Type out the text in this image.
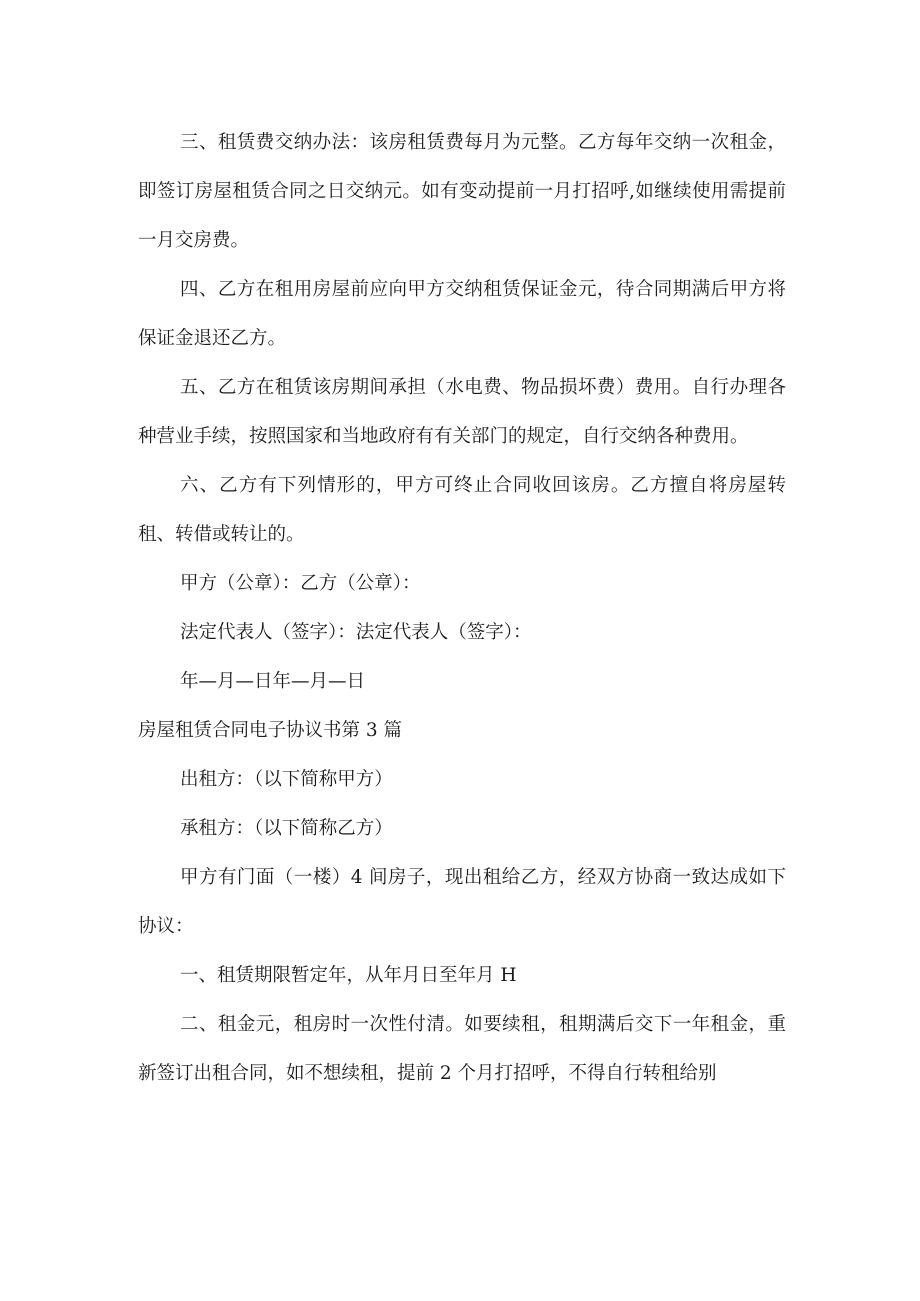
三、租赁费交纳办法：该房租赁费每月为元整。乙方每年交纳一次租金，即签订房屋租赁合同之日交纳元。如有变动提前一月打招呼,如继续使用需提前一月交房费。

四、乙方在租用房屋前应向甲方交纳租赁保证金元，待合同期满后甲方将保证金退还乙方。

五、乙方在租赁该房期间承担（水电费、物品损坏费）费用。自行办理各种营业手续，按照国家和当地政府有有关部门的规定，自行交纳各种费用。

六、乙方有下列情形的，甲方可终止合同收回该房。乙方擅自将房屋转租、转借或转让的。

甲方（公章）：乙方（公章）：

法定代表人（签字）：法定代表人（签字）：

年—月—日年—月—日

房屋租赁合同电子协议书第 3 篇

出租方：（以下简称甲方）

承租方：（以下简称乙方）

甲方有门面（一楼）4 间房子，现出租给乙方，经双方协商一致达成如下协议：

一、租赁期限暂定年，从年月日至年月 H

二、租金元，租房时一次性付清。如要续租，租期满后交下一年租金，重新签订出租合同，如不想续租，提前 2 个月打招呼，不得自行转租给别
